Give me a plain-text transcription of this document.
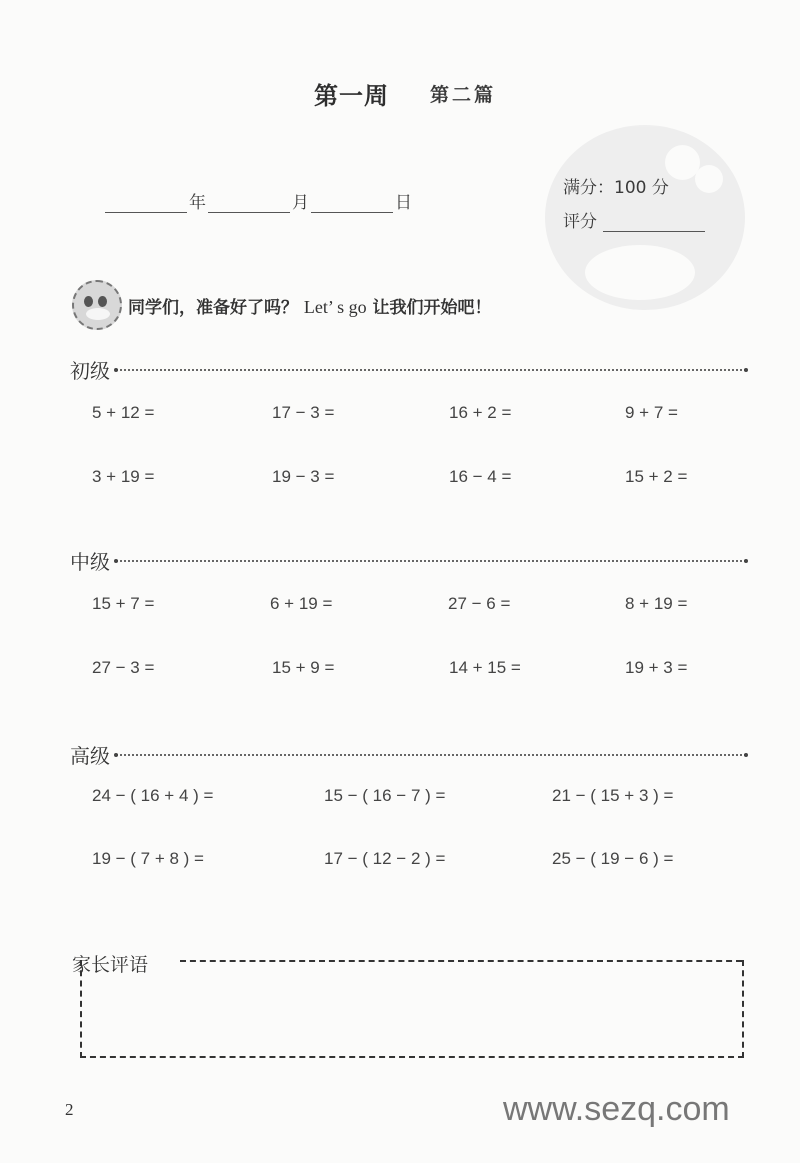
第一周 第二篇
年	月	日
满分：100 分
评分
同学们，准备好了吗？ Let’ s go 让我们开始吧！
初级
5 + 12 =	17 − 3 =	16 + 2 =	9 + 7 =
3 + 19 =	19 − 3 =	16 − 4 =	15 + 2 =
中级
15 + 7 =	6 + 19 =	27 − 6 =	8 + 19 =
27 − 3 =	15 + 9 =	14 + 15 =	19 + 3 =
高级
24 − ( 16 + 4 ) =	15 − ( 16 − 7 ) =	21 − ( 15 + 3 ) =
19 − ( 7 + 8 ) =	17 − ( 12 − 2 ) =	25 − ( 19 − 6 ) =
家长评语
2	www.sezq.com
